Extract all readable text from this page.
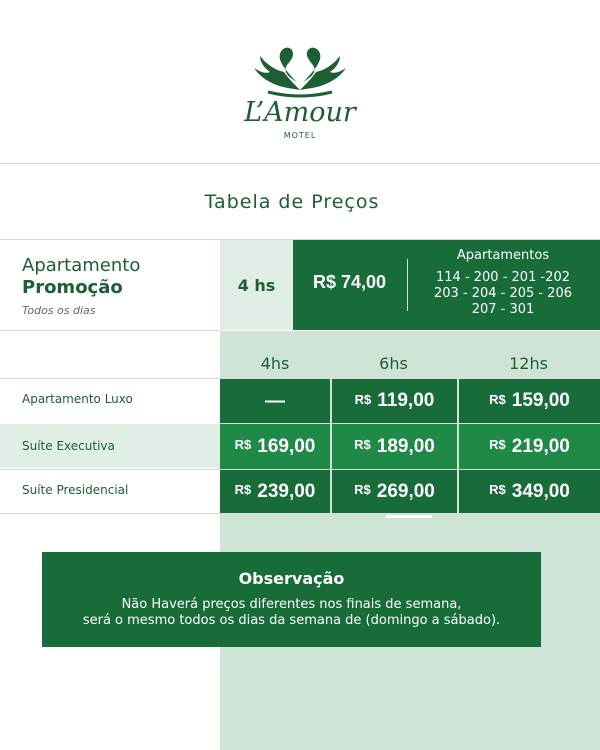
L’Amour
MOTEL
Tabela de Preços
Apartamento
Promoção
Todos os dias
4 hs	R$ 74,00
Apartamentos
114 - 200 - 201 -202
203 - 204 - 205 - 206
207 - 301
4hs	6hs	12hs
Apartamento Luxo	—	R$ 119,00	R$ 159,00
Suíte Executiva	R$ 169,00	R$ 189,00	R$ 219,00
Suíte Presidencial	R$ 239,00	R$ 269,00	R$ 349,00
Observação
Não Haverá preços diferentes nos finais de semana,
será o mesmo todos os dias da semana de (domingo a sábado).
